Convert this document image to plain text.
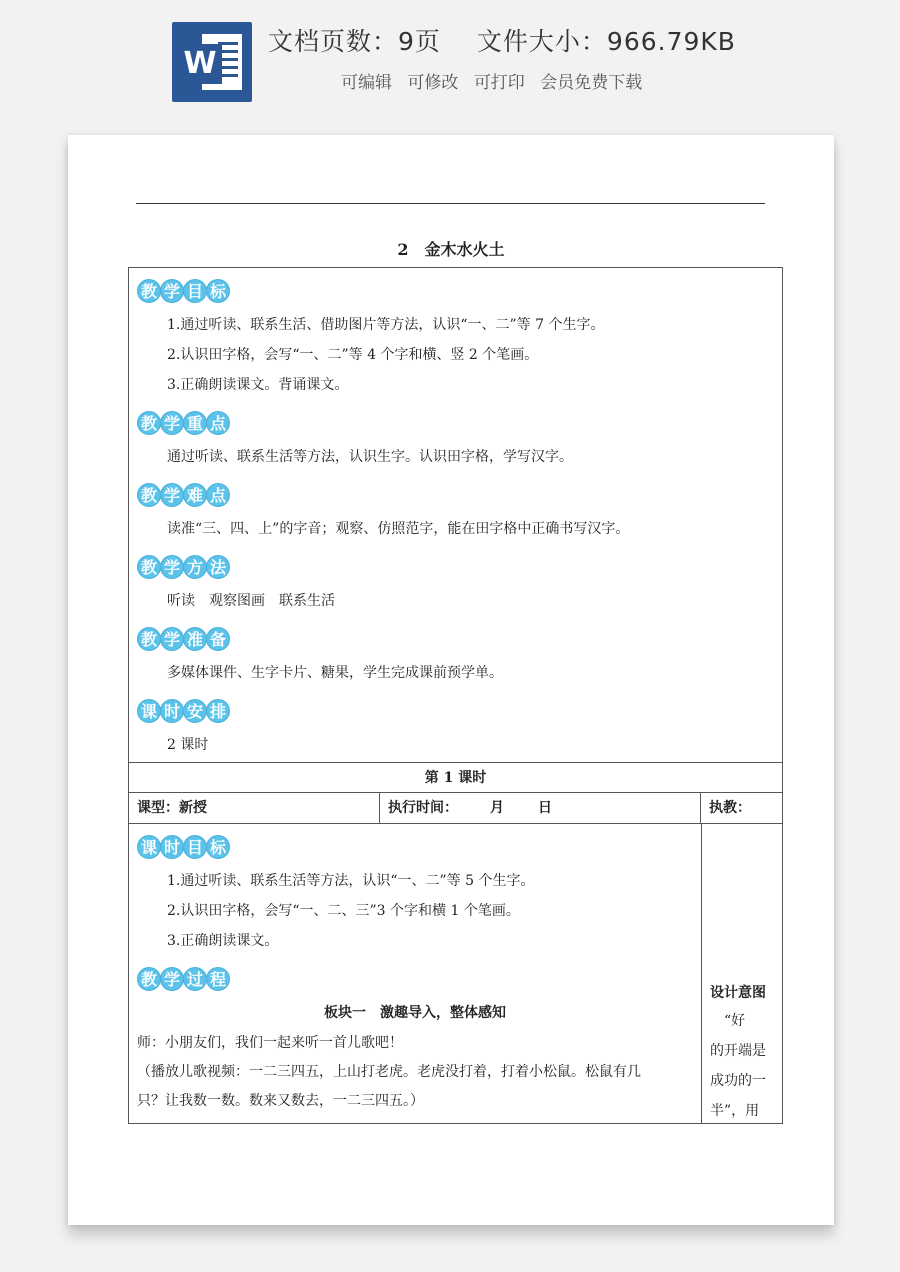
W
文档页数：9页 文件大小：966.79KB
可编辑 可修改 可打印 会员免费下载
2　金木水火土
教 学 目 标
1.通过听读、联系生活、借助图片等方法，认识“一、二”等 7 个生字。
2.认识田字格，会写“一、二”等 4 个字和横、竖 2 个笔画。
3.正确朗读课文。背诵课文。
教 学 重 点
通过听读、联系生活等方法，认识生字。认识田字格，学写汉字。
教 学 难 点
读准“三、四、上”的字音；观察、仿照范字，能在田字格中正确书写汉字。
教 学 方 法
听读　观察图画　联系生活
教 学 准 备
多媒体课件、生字卡片、糖果，学生完成课前预学单。
课 时 安 排
2 课时
第 1 课时
课型：新授	执行时间： 月 日	执教：
课 时 目 标
1.通过听读、联系生活等方法，认识“一、二”等 5 个生字。
2.认识田字格，会写“一、二、三”3 个字和横 1 个笔画。
3.正确朗读课文。
教 学 过 程
板块一　激趣导入，整体感知
师：小朋友们，我们一起来听一首儿歌吧！
（播放儿歌视频：一二三四五，上山打老虎。老虎没打着，打着小松鼠。松鼠有几
只？让我数一数。数来又数去，一二三四五。）
设计意图
　“好
的开端是
成功的一
半”，用
